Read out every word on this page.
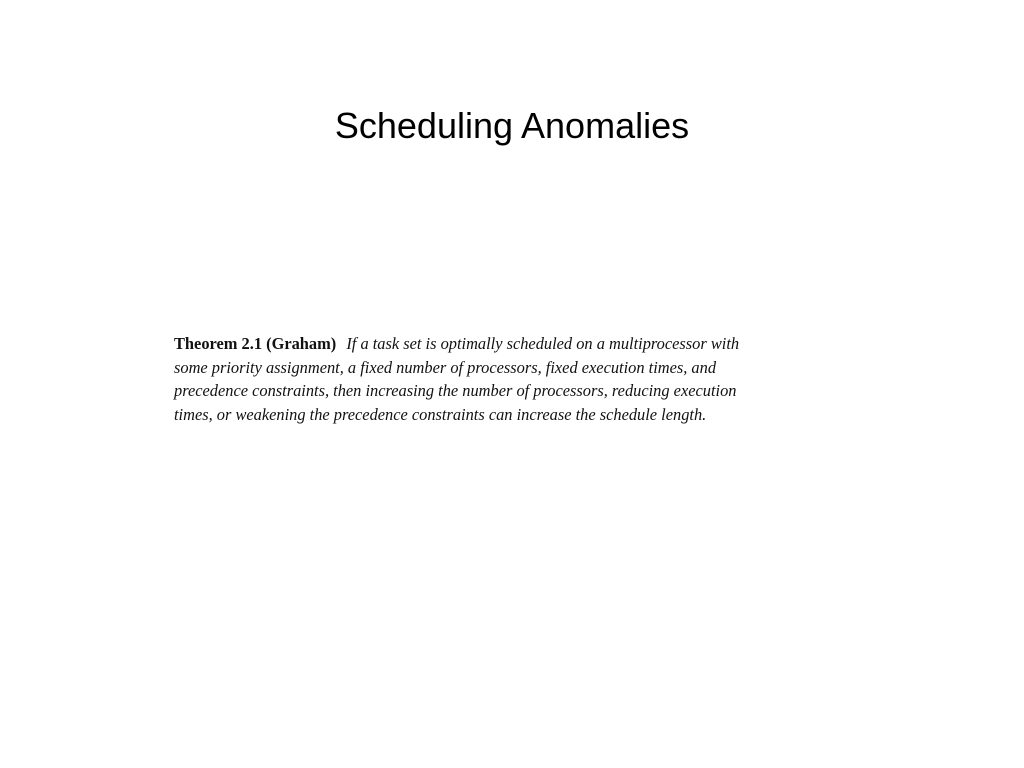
Scheduling Anomalies
Theorem 2.1 (Graham) If a task set is optimally scheduled on a multiprocessor with
some priority assignment, a fixed number of processors, fixed execution times, and
precedence constraints, then increasing the number of processors, reducing execution
times, or weakening the precedence constraints can increase the schedule length.
